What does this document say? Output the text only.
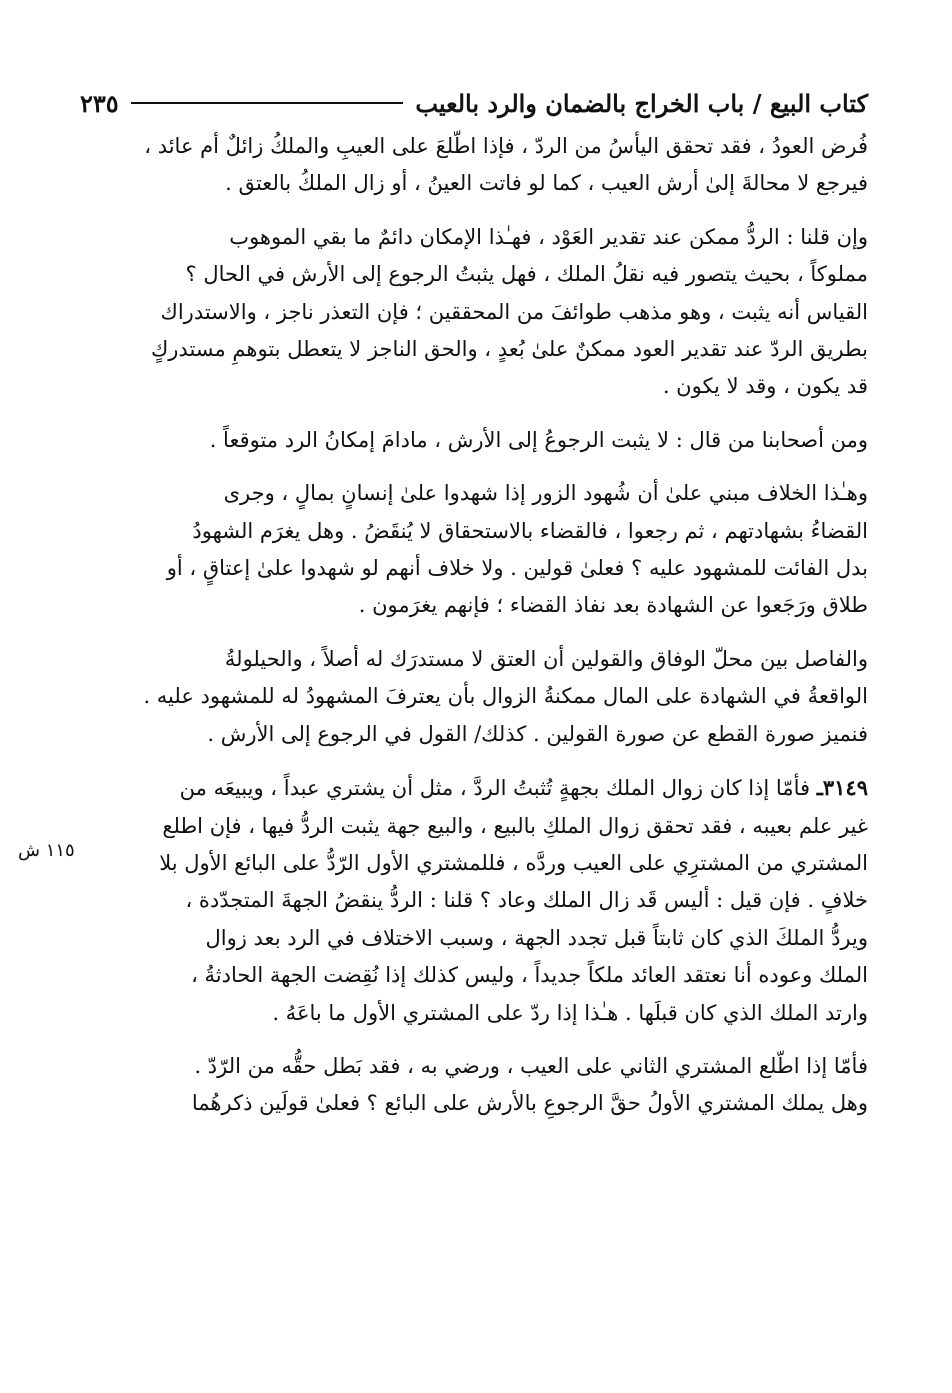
كتاب البيع / باب الخراج بالضمان والرد بالعيب
٢٣٥
فُرض العودُ ، فقد تحقق اليأسُ من الردّ ، فإذا اطّلعَ على العيبِ والملكُ زائلٌ أم عائد ،
فيرجع لا محالةَ إلىٰ أرش العيب ، كما لو فاتت العينُ ، أو زال الملكُ بالعتق .
وإن قلنا : الردُّ ممكن عند تقدير العَوْد ، فهـٰذا الإمكان دائمٌ ما بقي الموهوب
مملوكاً ، بحيث يتصور فيه نقلُ الملك ، فهل يثبتُ الرجوع إلى الأرش في الحال ؟
القياس أنه يثبت ، وهو مذهب طوائفَ من المحققين ؛ فإن التعذر ناجز ، والاستدراك
بطريق الردّ عند تقدير العود ممكنٌ علىٰ بُعدٍ ، والحق الناجز لا يتعطل بتوهمِ مستدركٍ
قد يكون ، وقد لا يكون .
ومن أصحابنا من قال : لا يثبت الرجوعُ إلى الأرش ، مادامَ إمكانُ الرد متوقعاً .
وهـٰذا الخلاف مبني علىٰ أن شُهود الزور إذا شهدوا علىٰ إنسانٍ بمالٍ ، وجرى
القضاءُ بشهادتهم ، ثم رجعوا ، فالقضاء بالاستحقاق لا يُنقَضُ . وهل يغرَم الشهودُ
بدل الفائت للمشهود عليه ؟ فعلىٰ قولين . ولا خلاف أنهم لو شهدوا علىٰ إعتاقٍ ، أو
طلاق ورَجَعوا عن الشهادة بعد نفاذ القضاء ؛ فإنهم يغرَمون .
والفاصل بين محلّ الوفاق والقولين أن العتق لا مستدرَك له أصلاً ، والحيلولةُ
الواقعةُ في الشهادة على المال ممكنةُ الزوال بأن يعترفَ المشهودُ له للمشهود عليه .
فنميز صورة القطع عن صورة القولين . كذلك/ القول في الرجوع إلى الأرش .
٣١٤٩ـ فأمّا إذا كان زوال الملك بجهةٍ تُثبتُ الردَّ ، مثل أن يشتري عبداً ، ويبيعَه من
غير علم بعيبه ، فقد تحقق زوال الملكِ بالبيع ، والبيع جهة يثبت الردُّ فيها ، فإن اطلع
المشتري من المشترِي على العيب وردَّه ، فللمشتري الأول الرّدُّ على البائع الأول بلا
خلافٍ . فإن قيل : أليس قَد زال الملك وعاد ؟ قلنا : الردُّ ينقضُ الجهةَ المتجدّدة ،
ويردُّ الملكَ الذي كان ثابتاً قبل تجدد الجهة ، وسبب الاختلاف في الرد بعد زوال
الملك وعوده أنا نعتقد العائد ملكاً جديداً ، وليس كذلك إذا نُقِضت الجهة الحادثةُ ،
وارتد الملك الذي كان قبلَها . هـٰذا إذا ردّ على المشتري الأول ما باعَهُ .
فأمّا إذا اطّلع المشتري الثاني على العيب ، ورضي به ، فقد بَطل حقُّه من الرّدّ .
وهل يملك المشتري الأولُ حقَّ الرجوعِ بالأرش على البائع ؟ فعلىٰ قولَين ذكرهُما
١١٥ ش
